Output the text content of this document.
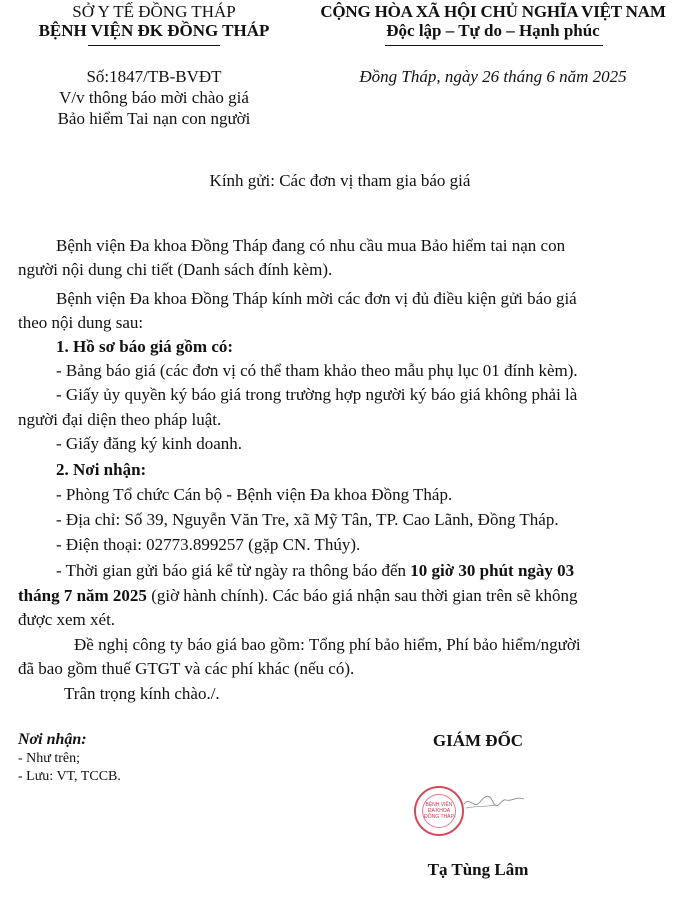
SỞ Y TẾ ĐỒNG THÁP
BỆNH VIỆN ĐK ĐỒNG THÁP
Số:1847/TB-BVĐT
V/v thông báo mời chào giá
Bảo hiểm Tai nạn con người
CỘNG HÒA XÃ HỘI CHỦ NGHĨA VIỆT NAM
Độc lập – Tự do – Hạnh phúc
Đồng Tháp, ngày 26 tháng 6 năm 2025
Kính gửi: Các đơn vị tham gia báo giá
Bệnh viện Đa khoa Đồng Tháp đang có nhu cầu mua Bảo hiểm tai nạn con
người nội dung chi tiết (Danh sách đính kèm).
Bệnh viện Đa khoa Đồng Tháp kính mời các đơn vị đủ điều kiện gửi báo giá
theo nội dung sau:
1. Hồ sơ báo giá gồm có:
- Bảng báo giá (các đơn vị có thể tham khảo theo mẫu phụ lục 01 đính kèm).
- Giấy ủy quyền ký báo giá trong trường hợp người ký báo giá không phải là
người đại diện theo pháp luật.
- Giấy đăng ký kinh doanh.
2. Nơi nhận:
- Phòng Tổ chức Cán bộ - Bệnh viện Đa khoa Đồng Tháp.
- Địa chỉ: Số 39, Nguyễn Văn Tre, xã Mỹ Tân, TP. Cao Lãnh, Đồng Tháp.
- Điện thoại: 02773.899257 (gặp CN. Thúy).
- Thời gian gửi báo giá kể từ ngày ra thông báo đến 10 giờ 30 phút ngày 03
tháng 7 năm 2025 (giờ hành chính). Các báo giá nhận sau thời gian trên sẽ không
được xem xét.
Đề nghị công ty báo giá bao gồm: Tổng phí bảo hiểm, Phí bảo hiểm/người
đã bao gồm thuế GTGT và các phí khác (nếu có).
Trân trọng kính chào./.
Nơi nhận:
- Như trên;
- Lưu: VT, TCCB.
GIÁM ĐỐC
BỆNH VIỆN
ĐA KHOA
ĐỒNG THÁP
Tạ Tùng Lâm
